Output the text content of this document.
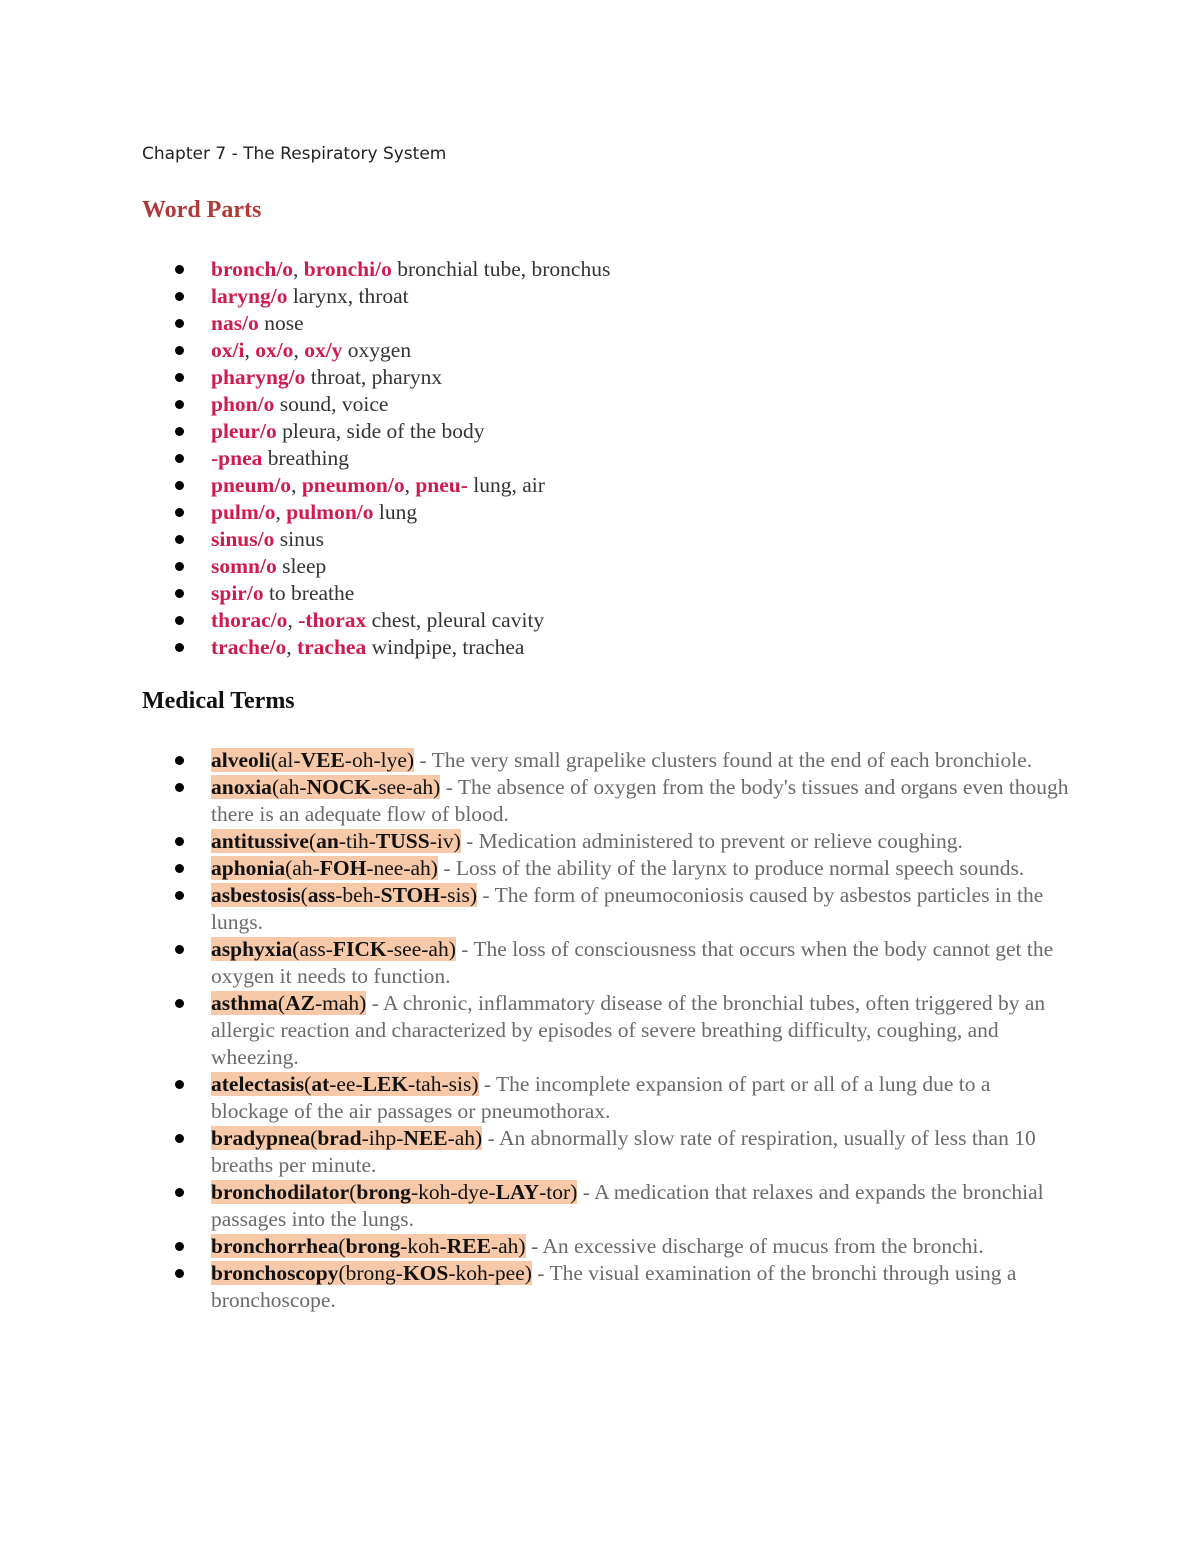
Chapter 7 - The Respiratory System
Word Parts
bronch/o, bronchi/o bronchial tube, bronchus
laryng/o larynx, throat
nas/o nose
ox/i, ox/o, ox/y oxygen
pharyng/o throat, pharynx
phon/o sound, voice
pleur/o pleura, side of the body
-pnea breathing
pneum/o, pneumon/o, pneu- lung, air
pulm/o, pulmon/o lung
sinus/o sinus
somn/o sleep
spir/o to breathe
thorac/o, -thorax chest, pleural cavity
trache/o, trachea windpipe, trachea
Medical Terms
alveoli(al-VEE-oh-lye) - The very small grapelike clusters found at the end of each bronchiole.
anoxia(ah-NOCK-see-ah) - The absence of oxygen from the body's tissues and organs even though there is an adequate flow of blood.
antitussive(an-tih-TUSS-iv) - Medication administered to prevent or relieve coughing.
aphonia(ah-FOH-nee-ah) - Loss of the ability of the larynx to produce normal speech sounds.
asbestosis(ass-beh-STOH-sis) - The form of pneumoconiosis caused by asbestos particles in the lungs.
asphyxia(ass-FICK-see-ah) - The loss of consciousness that occurs when the body cannot get the oxygen it needs to function.
asthma(AZ-mah) - A chronic, inflammatory disease of the bronchial tubes, often triggered by an allergic reaction and characterized by episodes of severe breathing difficulty, coughing, and wheezing.
atelectasis(at-ee-LEK-tah-sis) - The incomplete expansion of part or all of a lung due to a blockage of the air passages or pneumothorax.
bradypnea(brad-ihp-NEE-ah) - An abnormally slow rate of respiration, usually of less than 10 breaths per minute.
bronchodilator(brong-koh-dye-LAY-tor) - A medication that relaxes and expands the bronchial passages into the lungs.
bronchorrhea(brong-koh-REE-ah) - An excessive discharge of mucus from the bronchi.
bronchoscopy(brong-KOS-koh-pee) - The visual examination of the bronchi through using a bronchoscope.
